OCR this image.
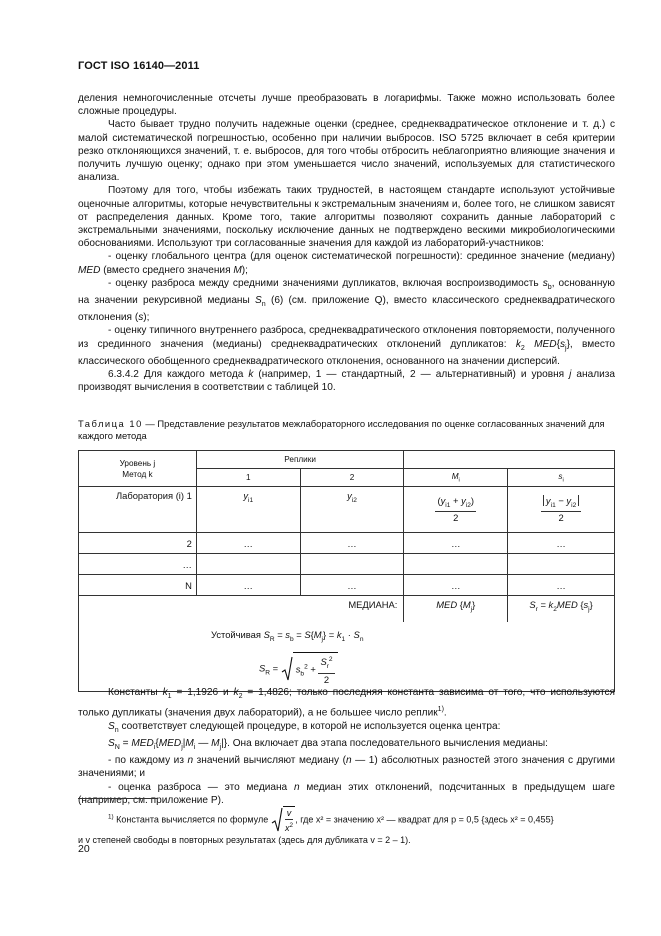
ГОСТ ISO 16140—2011

деления немногочисленные отсчеты лучше преобразовать в логарифмы. Также можно использовать более сложные процедуры.

Часто бывает трудно получить надежные оценки (среднее, среднеквадратическое отклонение и т. д.) с малой систематической погрешностью, особенно при наличии выбросов. ISO 5725 включает в себя критерии резко отклоняющихся значений, т. е. выбросов, для того чтобы отбросить неблагоприятно влияющие значения и получить лучшую оценку; однако при этом уменьшается число значений, используемых для статистического анализа.

Поэтому для того, чтобы избежать таких трудностей, в настоящем стандарте используют устойчивые оценочные алгоритмы, которые нечувствительны к экстремальным значениям и, более того, не слишком зависят от распределения данных. Кроме того, такие алгоритмы позволяют сохранить данные лабораторий с экстремальными значениями, поскольку исключение данных не подтверждено вескими микробиологическими обоснованиями. Используют три согласованные значения для каждой из лабораторий-участников:

- оценку глобального центра (для оценок систематической погрешности): срединное значение (медиану) MED (вместо среднего значения M);

- оценку разброса между средними значениями дупликатов, включая воспроизводимость $s_b$, основанную на значении рекурсивной медианы $S_n$ (6) (см. приложение Q), вместо классического среднеквадратического отклонения (s);

- оценку типичного внутреннего разброса, среднеквадратического отклонения повторяемости, полученного из срединного значения (медианы) среднеквадратических отклонений дупликатов: $k_2$ $MED\{s_j\}$, вместо классического обобщенного среднеквадратического отклонения, основанного на значении дисперсий.

6.3.4.2 Для каждого метода k (например, 1 — стандартный, 2 — альтернативный) и уровня j анализа производят вычисления в соответствии с таблицей 10.

Таблица 10 — Представление результатов межлабораторного исследования по оценке согласованных значений для каждого метода
Уровень j
Метод k	Реплики			
	1	2	$M_i$	$s_i$
Лаборатория (i) 1	$y_{i1}$	$y_{i2}$	$\frac{(y_{i1} + y_{i2})}{2}$	$\frac{y_{i1} - y_{i2}}{2}$

2	…	…	…	…
…				
N	…	…	…	…
МЕДИАНА:			MED $\{M_j\}$	$S_r = k_2MED$ $\{s_j\}$

Устойчивая $S_R = s_b = S\{M_j\} = k_1 \cdot S_n$
$S_R = s_b^2 + \frac{S_r^2}{2}$

Константы $k_1 = 1,1926$ и $k_2 = 1,4826$; только последняя константа зависима от того, что используются только дупликаты (значения двух лабораторий), а не большее число реплик$^{1)}$.

$S_n$ соответствует следующей процедуре, в которой не используется оценка центра:

$S_N = MED_i\{MED_j|M_i$ — $M_j|$}. Она включает два этапа последовательного вычисления медианы:

- по каждому из n значений вычисляют медиану (n — 1) абсолютных разностей этого значения с другими значениями; и

- оценка разброса — это медиана n медиан этих отклонений, подсчитанных в предыдущем шаге (например, см. приложение P).

$^{1)}$ Константа вычисляется по формуле $\frac{v}{x^2}$ , где x² = значению x² — квадрат для p = 0,5 {здесь x² = 0,455}
и v степеней свободы в повторных результатах (здесь для дубликата v = 2 – 1).
20
